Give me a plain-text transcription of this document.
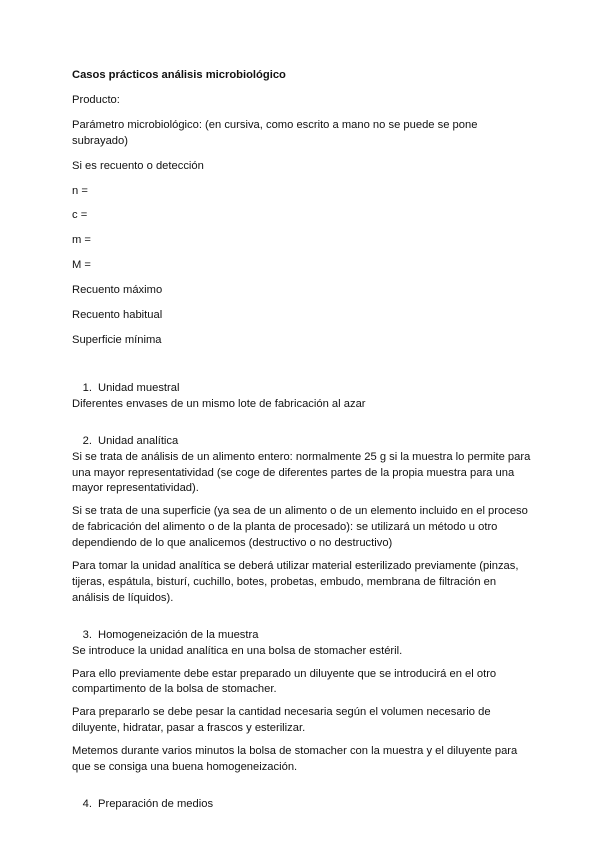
Casos prácticos análisis microbiológico

Producto:

Parámetro microbiológico: (en cursiva, como escrito a mano no se puede se pone subrayado)

Si es recuento o detección

n =

c =

m =

M =

Recuento máximo

Recuento habitual

Superficie mínima

1. Unidad muestral

Diferentes envases de un mismo lote de fabricación al azar

2. Unidad analítica

Si se trata de análisis de un alimento entero: normalmente 25 g si la muestra lo permite para una mayor representatividad (se coge de diferentes partes de la propia muestra para una mayor representatividad).

Si se trata de una superficie (ya sea de un alimento o de un elemento incluido en el proceso de fabricación del alimento o de la planta de procesado): se utilizará un método u otro dependiendo de lo que analicemos (destructivo o no destructivo)

Para tomar la unidad analítica se deberá utilizar material esterilizado previamente (pinzas, tijeras, espátula, bisturí, cuchillo, botes, probetas, embudo, membrana de filtración en análisis de líquidos).

3. Homogeneización de la muestra

Se introduce la unidad analítica en una bolsa de stomacher estéril.

Para ello previamente debe estar preparado un diluyente que se introducirá en el otro compartimento de la bolsa de stomacher.

Para prepararlo se debe pesar la cantidad necesaria según el volumen necesario de diluyente, hidratar, pasar a frascos y esterilizar.

Metemos durante varios minutos la bolsa de stomacher con la muestra y el diluyente para que se consiga una buena homogeneización.

4. Preparación de medios
